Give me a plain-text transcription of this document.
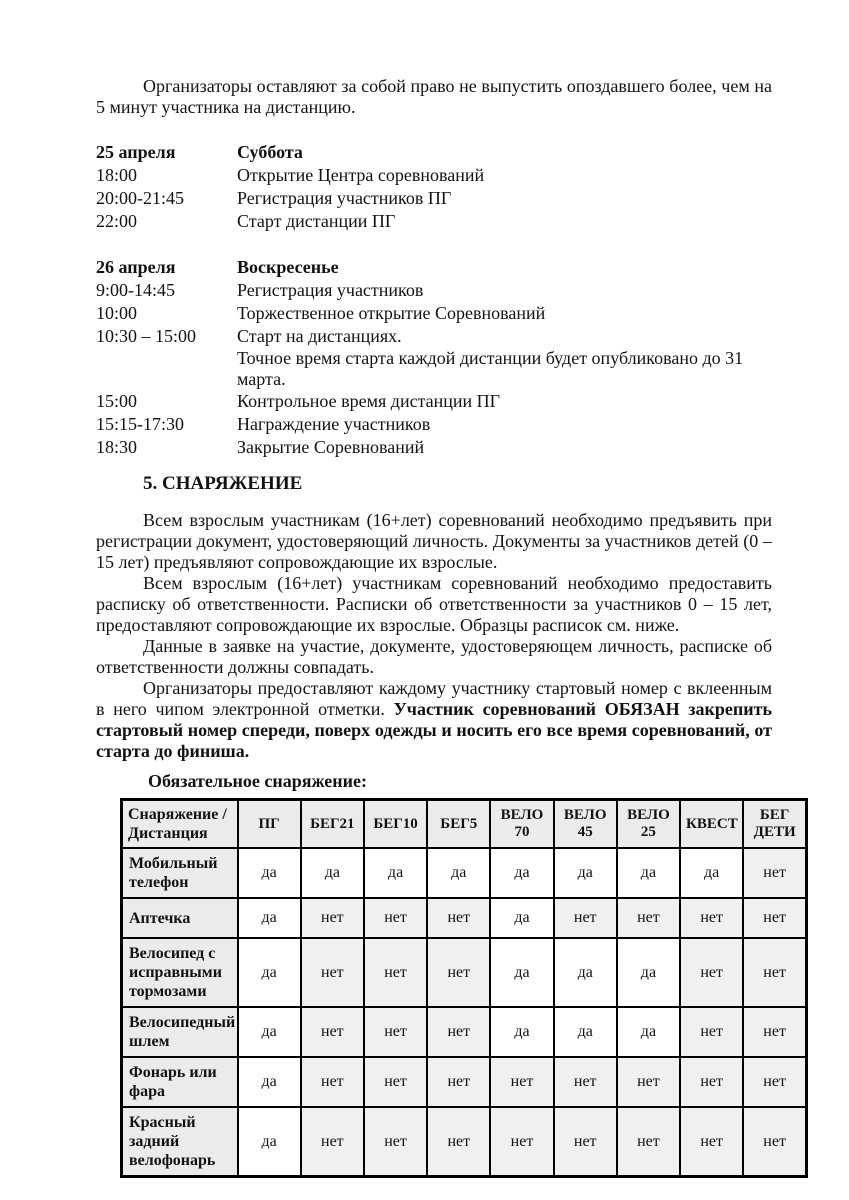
Организаторы оставляют за собой право не выпустить опоздавшего более, чем на 5 минут участника на дистанцию.

25 апреля	Суббота
18:00	Открытие Центра соревнований
20:00-21:45	Регистрация участников ПГ
22:00	Старт дистанции ПГ
26 апреля	Воскресенье
9:00-14:45	Регистрация участников
10:00	Торжественное открытие Соревнований
10:30 – 15:00	Старт на дистанциях.
Точное время старта каждой дистанции будет опубликовано до 31 марта.
15:00	Контрольное время дистанции ПГ
15:15-17:30	Награждение участников
18:30	Закрытие Соревнований
5. СНАРЯЖЕНИЕ

Всем взрослым участникам (16+лет) соревнований необходимо предъявить при регистрации документ, удостоверяющий личность. Документы за участников детей (0 – 15 лет) предъявляют сопровождающие их взрослые.

Всем взрослым (16+лет) участникам соревнований необходимо предоставить расписку об ответственности. Расписки об ответственности за участников 0 – 15 лет, предоставляют сопровождающие их взрослые. Образцы расписок см. ниже.

Данные в заявке на участие, документе, удостоверяющем личность, расписке об ответственности должны совпадать.

Организаторы предоставляют каждому участнику стартовый номер с вклеенным в него чипом электронной отметки. Участник соревнований ОБЯЗАН закрепить стартовый номер спереди, поверх одежды и носить его все время соревнований, от старта до финиша.

Обязательное снаряжение:

Снаряжение / Дистанция	ПГ	БЕГ21	БЕГ10	БЕГ5	ВЕЛО 70	ВЕЛО 45	ВЕЛО 25	КВЕСТ	БЕГ ДЕТИ
Мобильный телефон	да	да	да	да	да	да	да	да	нет
Аптечка	да	нет	нет	нет	да	нет	нет	нет	нет
Велосипед с исправными тормозами	да	нет	нет	нет	да	да	да	нет	нет
Велосипедный шлем	да	нет	нет	нет	да	да	да	нет	нет
Фонарь или фара	да	нет	нет	нет	нет	нет	нет	нет	нет
Красный задний велофонарь	да	нет	нет	нет	нет	нет	нет	нет	нет
